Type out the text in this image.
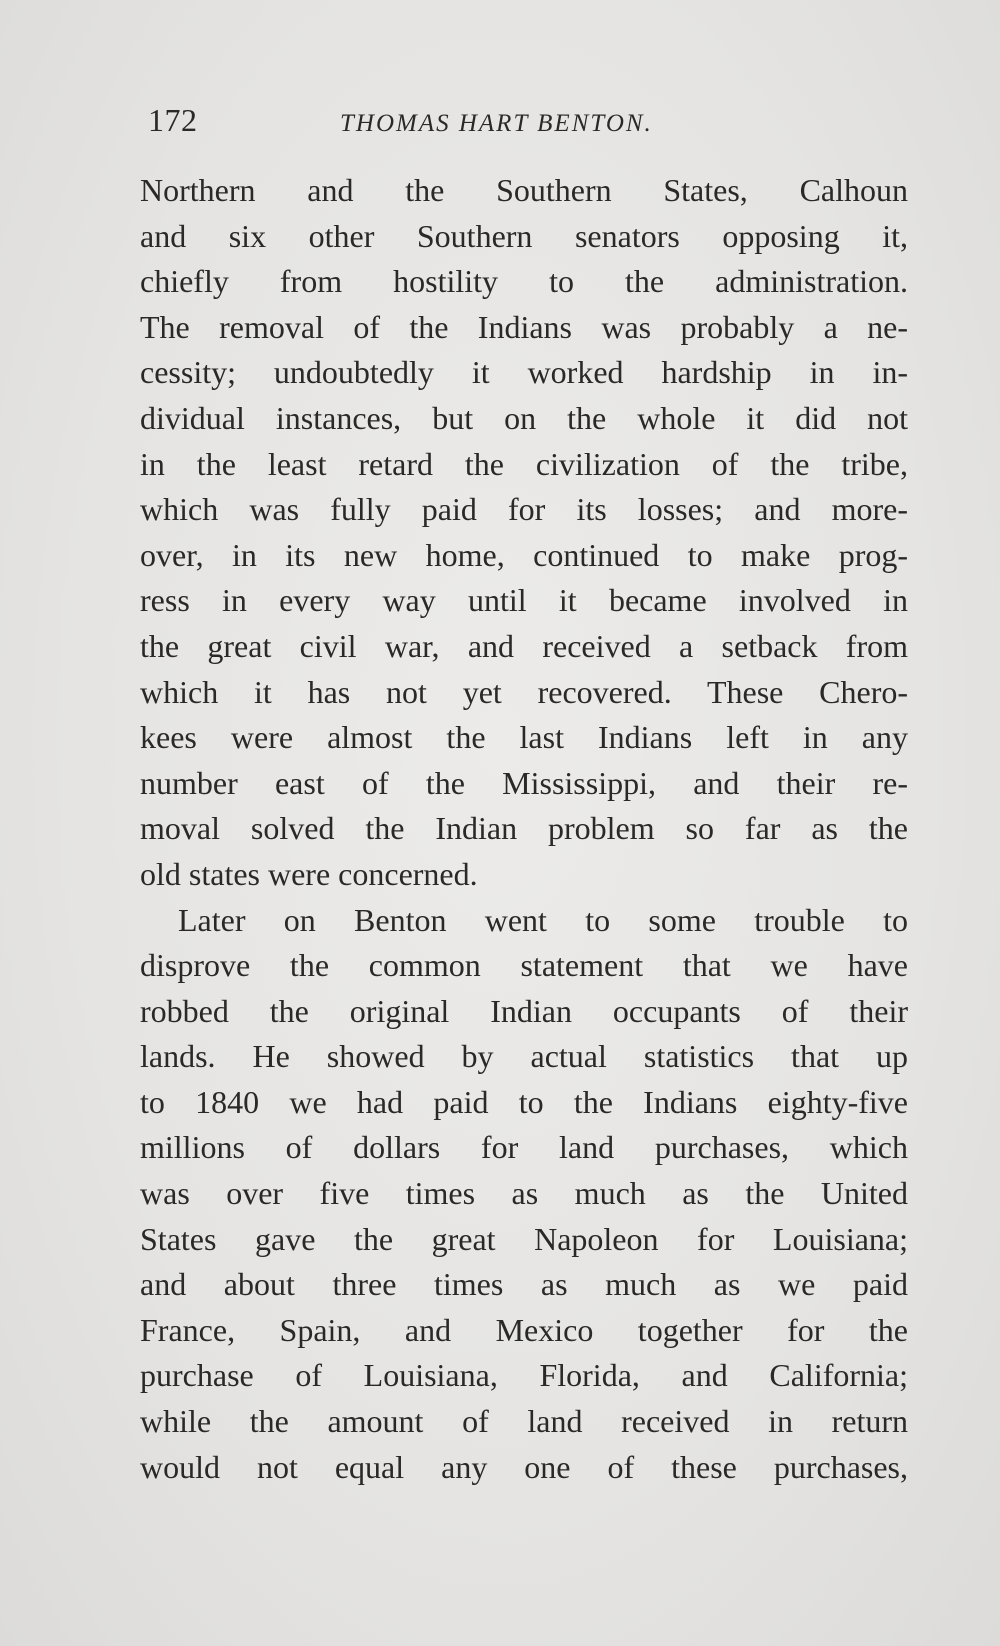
172	THOMAS HART BENTON.
Northern and the Southern States, Calhoun
and six other Southern senators opposing it,
chiefly from hostility to the administration.
The removal of the Indians was probably a ne-
cessity; undoubtedly it worked hardship in in-
dividual instances, but on the whole it did not
in the least retard the civilization of the tribe,
which was fully paid for its losses; and more-
over, in its new home, continued to make prog-
ress in every way until it became involved in
the great civil war, and received a setback from
which it has not yet recovered. These Chero-
kees were almost the last Indians left in any
number east of the Mississippi, and their re-
moval solved the Indian problem so far as the
old states were concerned.
Later on Benton went to some trouble to
disprove the common statement that we have
robbed the original Indian occupants of their
lands. He showed by actual statistics that up
to 1840 we had paid to the Indians eighty-five
millions of dollars for land purchases, which
was over five times as much as the United
States gave the great Napoleon for Louisiana;
and about three times as much as we paid
France, Spain, and Mexico together for the
purchase of Louisiana, Florida, and California;
while the amount of land received in return
would not equal any one of these purchases,
